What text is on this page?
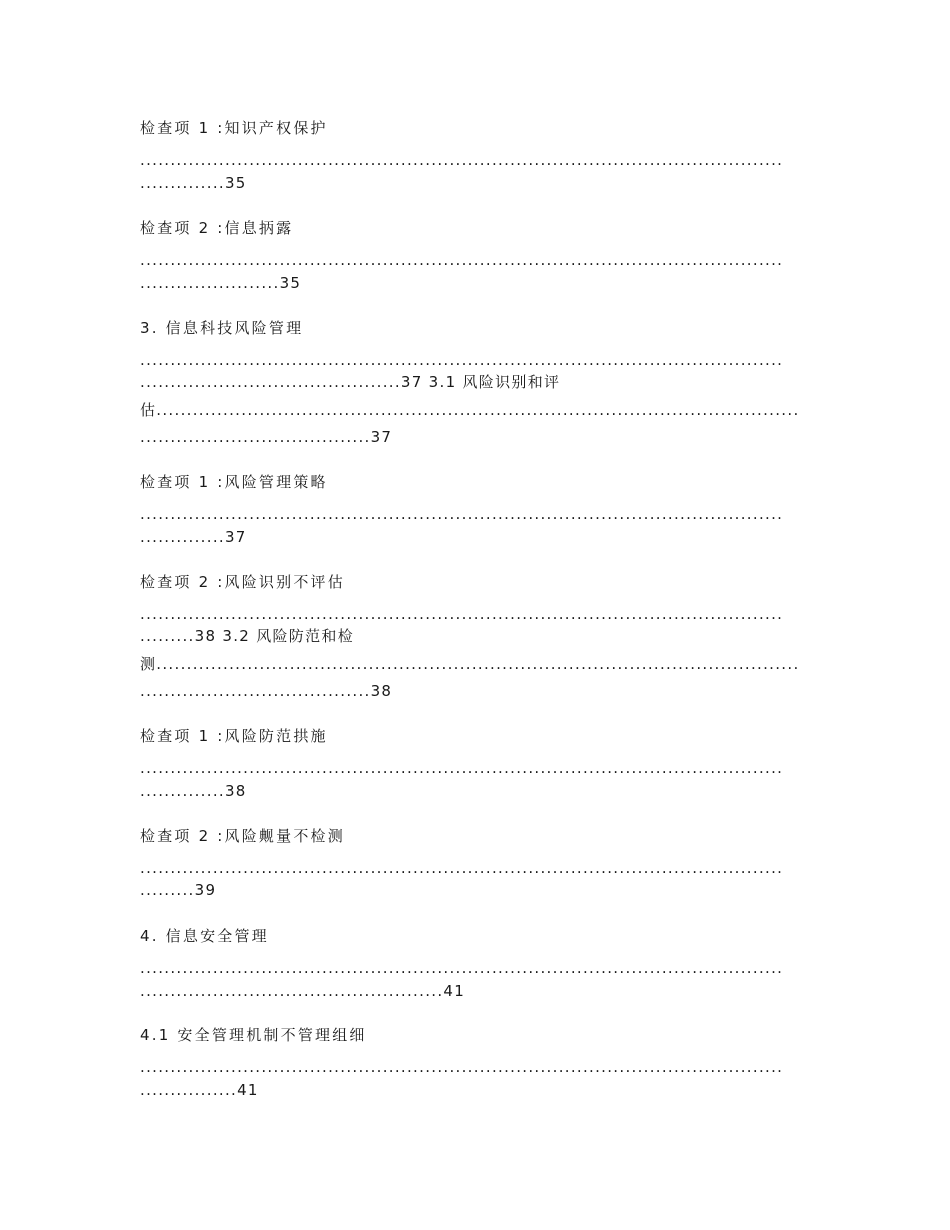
检查项 1 :知识产权保护
..........................................................................................................
..............35
检查项 2 :信息抦露
..........................................................................................................
.......................35
3. 信息科技风险管理
..........................................................................................................
...........................................37 3.1 风险识别和评
估..........................................................................................................
......................................37
检查项 1 :风险管理策略
..........................................................................................................
..............37
检查项 2 :风险识别不评估
..........................................................................................................
.........38 3.2 风险防范和检
测..........................................................................................................
......................................38
检查项 1 :风险防范拱施
..........................................................................................................
..............38
检查项 2 :风险觍量不检测
..........................................................................................................
.........39
4. 信息安全管理
..........................................................................................................
..................................................41
4.1 安全管理机制不管理组细
..........................................................................................................
................41
